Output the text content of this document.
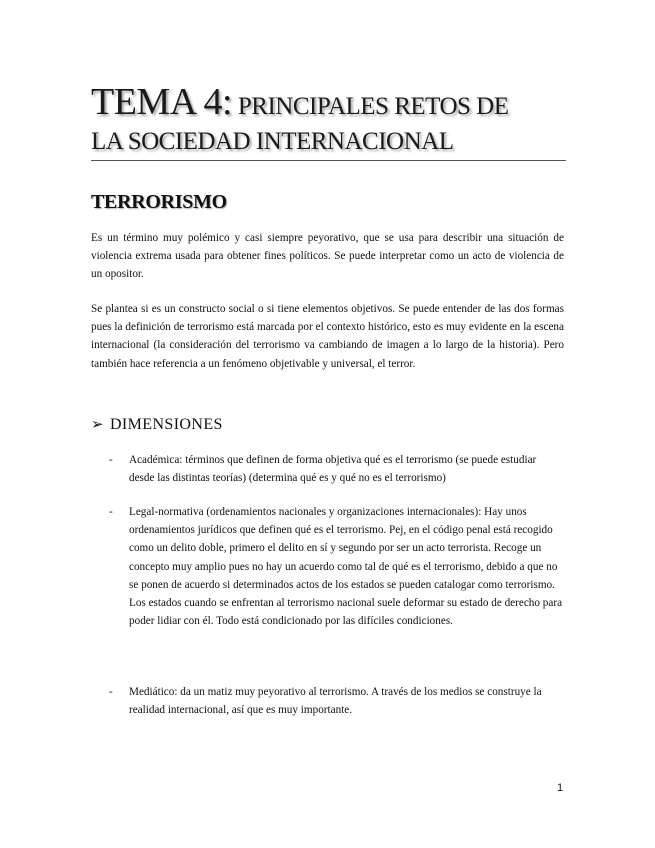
TEMA 4: PRINCIPALES RETOS DE
LA SOCIEDAD INTERNACIONAL
TERRORISMO
Es un término muy polémico y casi siempre peyorativo, que se usa para describir una situación de violencia extrema usada para obtener fines políticos. Se puede interpretar como un acto de violencia de un opositor.
Se plantea si es un constructo social o si tiene elementos objetivos. Se puede entender de las dos formas pues la definición de terrorismo está marcada por el contexto histórico, esto es muy evidente en la escena internacional (la consideración del terrorismo va cambiando de imagen a lo largo de la historia). Pero también hace referencia a un fenómeno objetivable y universal, el terror.
➢ DIMENSIONES
- Académica: términos que definen de forma objetiva qué es el terrorismo (se puede estudiar desde las distintas teorías) (determina qué es y qué no es el terrorismo)
- Legal-normativa (ordenamientos nacionales y organizaciones internacionales): Hay unos ordenamientos jurídicos que definen qué es el terrorismo. Pej, en el código penal está recogido como un delito doble, primero el delito en sí y segundo por ser un acto terrorista. Recoge un concepto muy amplio pues no hay un acuerdo como tal de qué es el terrorismo, debido a que no se ponen de acuerdo si determinados actos de los estados se pueden catalogar como terrorismo. Los estados cuando se enfrentan al terrorismo nacional suele deformar su estado de derecho para poder lidiar con él. Todo está condicionado por las difíciles condiciones.
- Mediático: da un matiz muy peyorativo al terrorismo. A través de los medios se construye la realidad internacional, así que es muy importante.
1
